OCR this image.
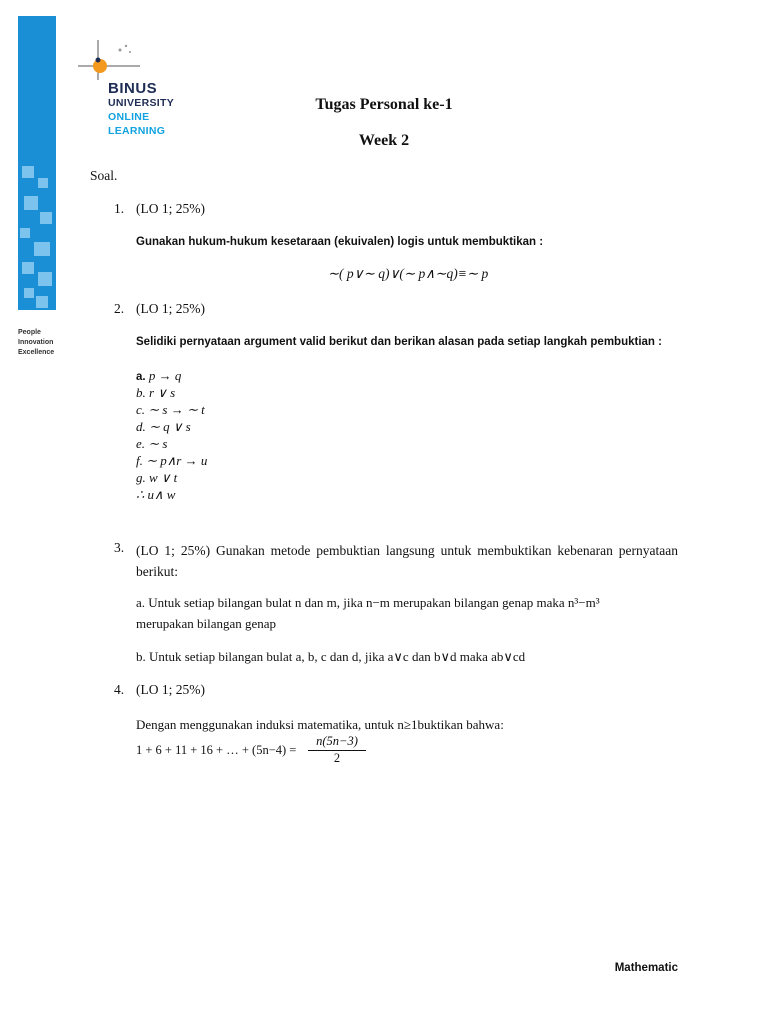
People
Innovation
Excellence
BINUS
UNIVERSITY
ONLINE
LEARNING
Tugas Personal ke-1
Week 2
Soal.
1. (LO 1; 25%)
Gunakan hukum-hukum kesetaraan (ekuivalen) logis untuk membuktikan :
∼( p∨∼ q)∨(∼ p∧∼q)≡∼ p
2. (LO 1; 25%)
Selidiki pernyataan argument valid berikut dan berikan alasan pada setiap langkah pembuktian :
a. p → q
b. r ∨ s
c. ∼ s → ∼ t
d. ∼ q ∨ s
e. ∼ s
f. ∼ p∧r → u
g. w ∨ t
∴ u∧ w
3. (LO 1; 25%) Gunakan metode pembuktian langsung untuk membuktikan kebenaran pernyataan berikut:
a. Untuk setiap bilangan bulat n dan m, jika n−m merupakan bilangan genap maka n³−m³
merupakan bilangan genap
b. Untuk setiap bilangan bulat a, b, c dan d, jika a∨c dan b∨d maka ab∨cd
4. (LO 1; 25%)
Dengan menggunakan induksi matematika, untuk n≥1buktikan bahwa:
1 + 6 + 11 + 16 + … + $(5n-4) = \frac{n(5n-3)}{2}$
Mathematic
